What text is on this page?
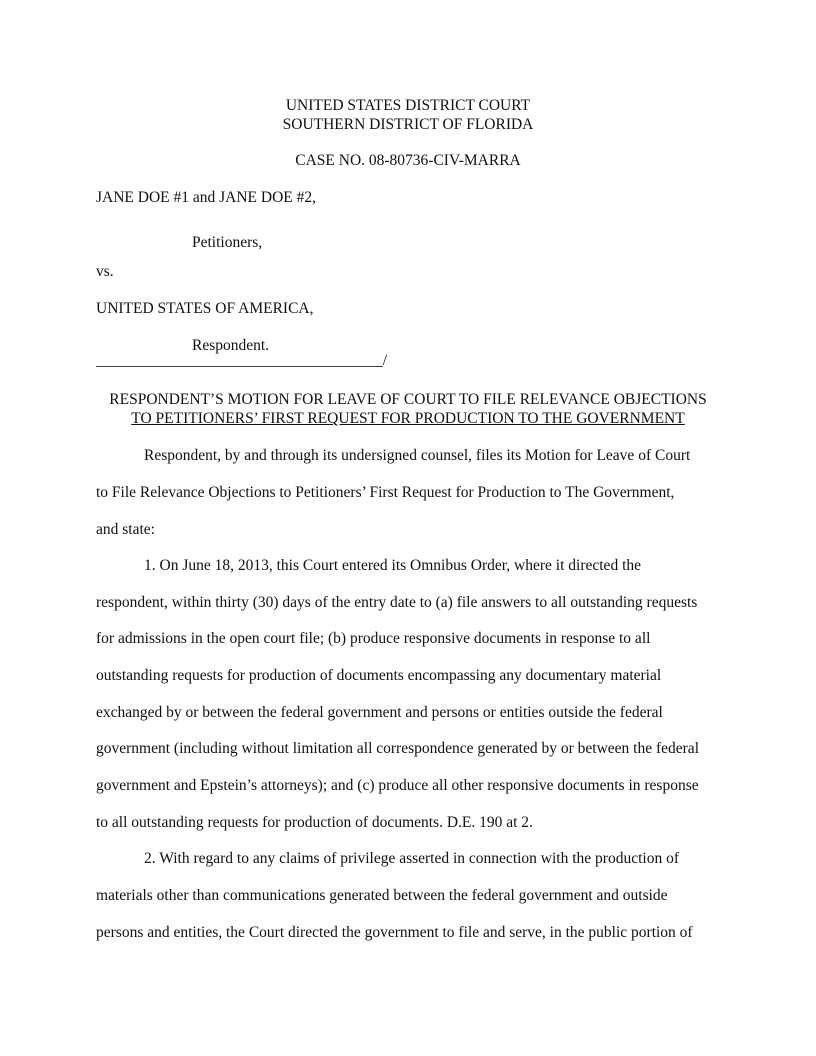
UNITED STATES DISTRICT COURT
SOUTHERN DISTRICT OF FLORIDA
CASE NO. 08-80736-CIV-MARRA
JANE DOE #1 and JANE DOE #2,
Petitioners,
vs.
UNITED STATES OF AMERICA,
Respondent.
_____________________________________/
RESPONDENT’S MOTION FOR LEAVE OF COURT TO FILE RELEVANCE OBJECTIONS
TO PETITIONERS’ FIRST REQUEST FOR PRODUCTION TO THE GOVERNMENT
Respondent, by and through its undersigned counsel, files its Motion for Leave of Court
to File Relevance Objections to Petitioners’ First Request for Production to The Government,
and state:
1. On June 18, 2013, this Court entered its Omnibus Order, where it directed the
respondent, within thirty (30) days of the entry date to (a) file answers to all outstanding requests
for admissions in the open court file; (b) produce responsive documents in response to all
outstanding requests for production of documents encompassing any documentary material
exchanged by or between the federal government and persons or entities outside the federal
government (including without limitation all correspondence generated by or between the federal
government and Epstein’s attorneys); and (c) produce all other responsive documents in response
to all outstanding requests for production of documents. D.E. 190 at 2.
2. With regard to any claims of privilege asserted in connection with the production of
materials other than communications generated between the federal government and outside
persons and entities, the Court directed the government to file and serve, in the public portion of
